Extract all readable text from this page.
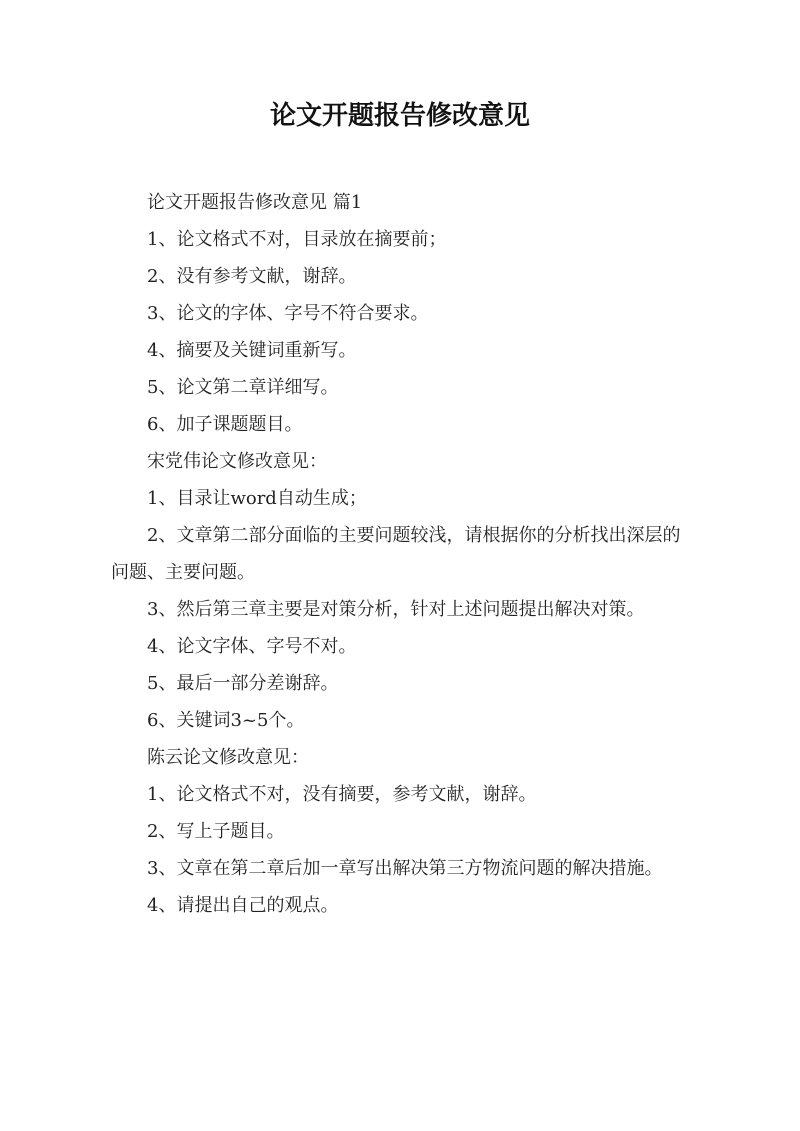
论文开题报告修改意见

论文开题报告修改意见 篇1

1、论文格式不对，目录放在摘要前；

2、没有参考文献，谢辞。

3、论文的字体、字号不符合要求。

4、摘要及关键词重新写。

5、论文第二章详细写。

6、加子课题题目。

宋党伟论文修改意见：

1、目录让word自动生成；

2、文章第二部分面临的主要问题较浅，请根据你的分析找出深层的问题、主要问题。

3、然后第三章主要是对策分析，针对上述问题提出解决对策。

4、论文字体、字号不对。

5、最后一部分差谢辞。

6、关键词3~5个。

陈云论文修改意见：

1、论文格式不对，没有摘要，参考文献，谢辞。

2、写上子题目。

3、文章在第二章后加一章写出解决第三方物流问题的解决措施。

4、请提出自己的观点。
